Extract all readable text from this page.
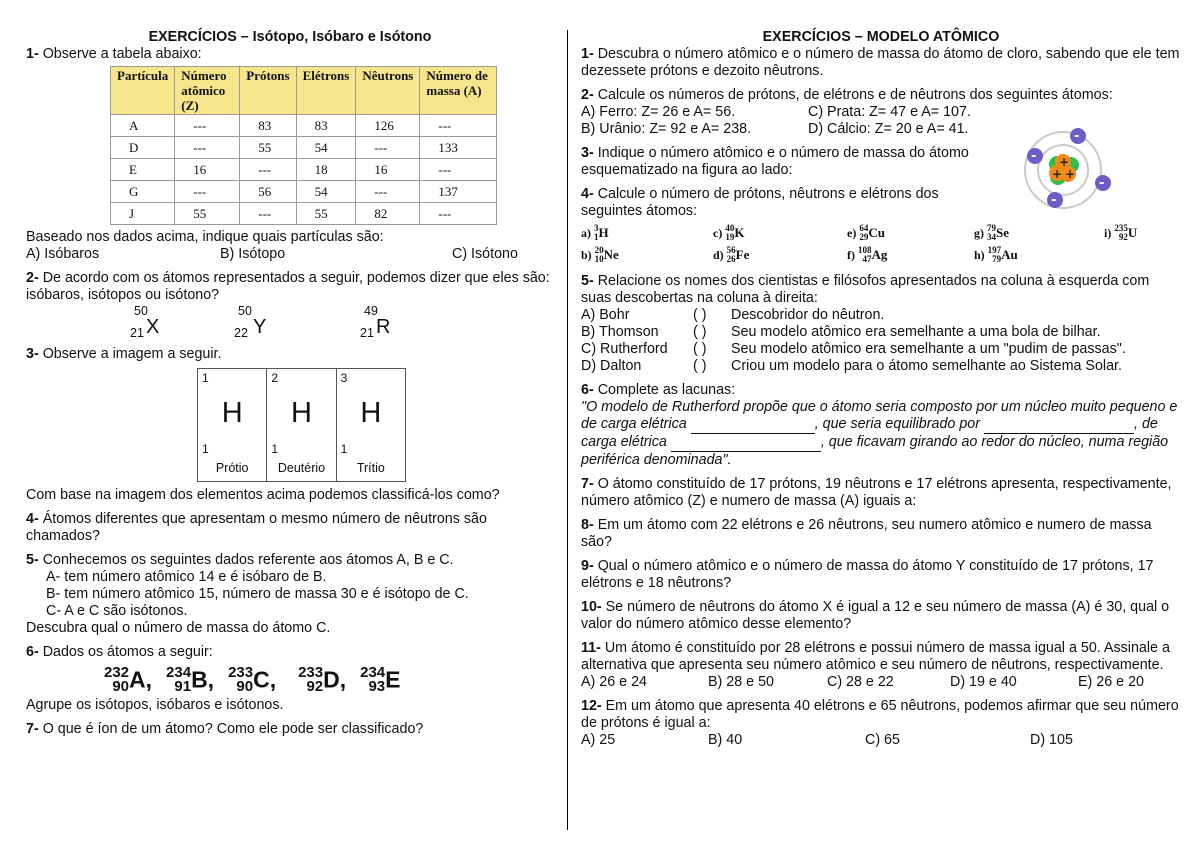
EXERCÍCIOS – Isótopo, Isóbaro e Isótono

1- Observe a tabela abaixo:

Partícula	Número atômico (Z)	Prótons	Elétrons	Nêutrons	Número de massa (A)
A	---	83	83	126	---
D	---	55	54	---	133
E	16	---	18	16	---
G	---	56	54	---	137
J	55	---	55	82	---

Baseado nos dados acima, indique quais partículas são:

A) Isóbaros	B) Isótopo	C) Isótono

2- De acordo com os átomos representados a seguir, podemos dizer que eles são: isóbaros, isótopos ou isótono?

50
21 X
50
22 Y
49
21 R

3- Observe a imagem a seguir.

1
H
1
Prótio
2
H
1
Deutério
3
H
1
Trítio

Com base na imagem dos elementos acima podemos classificá-los como?

4- Átomos diferentes que apresentam o mesmo número de nêutrons são chamados?

5- Conhecemos os seguintes dados referente aos átomos A, B e C.

A- tem número atômico 14 e é isóbaro de B.

B- tem número atômico 15, número de massa 30 e é isótopo de C.

C- A e C são isótonos.

Descubra qual o número de massa do átomo C.

6- Dados os átomos a seguir:

232
90 A, 234
91 B, 233
90 C, 233
92 D, 234
93 E

Agrupe os isótopos, isóbaros e isótonos.

7- O que é íon de um átomo? Como ele pode ser classificado?

EXERCÍCIOS – MODELO ATÔMICO

1- Descubra o número atômico e o número de massa do átomo de cloro, sabendo que ele tem dezessete prótons e dezoito nêutrons.

2- Calcule os números de prótons, de elétrons e de nêutrons dos seguintes átomos:

A) Ferro: Z= 26 e A= 56.	C) Prata: Z= 47 e A= 107.
B) Urânio: Z= 92 e A= 238.	D) Cálcio: Z= 20 e A= 41.

3- Indique o número atômico e o número de massa do átomo esquematizado na figura ao lado:	+
+
+
-
-
-
-

4- Calcule o número de prótons, nêutrons e elétrons dos seguintes átomos:

a)
3
1 H	c)
40
19 K	e)
64
29 Cu	g)
79
34 Se	i)
235
92 U
b)
20
10 Ne	d)
56
26 Fe	f)
108
47 Ag	h)
197
79 Au

5- Relacione os nomes dos cientistas e filósofos apresentados na coluna à esquerda com suas descobertas na coluna à direita:

A) Bohr	( )	Descobridor do nêutron.
B) Thomson	( )	Seu modelo atômico era semelhante a uma bola de bilhar.
C) Rutherford	( )	Seu modelo atômico era semelhante a um "pudim de passas".
D) Dalton	( )	Criou um modelo para o átomo semelhante ao Sistema Solar.

6- Complete as lacunas:

"O modelo de Rutherford propõe que o átomo seria composto por um núcleo muito pequeno e de carga elétrica	, que seria equilibrado por	, de carga elétrica	, que ficavam girando ao redor do núcleo, numa região periférica denominada".

7- O átomo constituído de 17 prótons, 19 nêutrons e 17 elétrons apresenta, respectivamente, número atômico (Z) e numero de massa (A) iguais a:

8- Em um átomo com 22 elétrons e 26 nêutrons, seu numero atômico e numero de massa são?

9- Qual o número atômico e o número de massa do átomo Y constituído de 17 prótons, 17 elétrons e 18 nêutrons?

10- Se número de nêutrons do átomo X é igual a 12 e seu número de massa (A) é 30, qual o valor do número atômico desse elemento?

11- Um átomo é constituído por 28 elétrons e possui número de massa igual a 50. Assinale a alternativa que apresenta seu número atômico e seu número de nêutrons, respectivamente.

A) 26 e 24	B) 28 e 50	C) 28 e 22	D) 19 e 40	E) 26 e 20

12- Em um átomo que apresenta 40 elétrons e 65 nêutrons, podemos afirmar que seu número de prótons é igual a:

A) 25	B) 40	C) 65	D) 105
